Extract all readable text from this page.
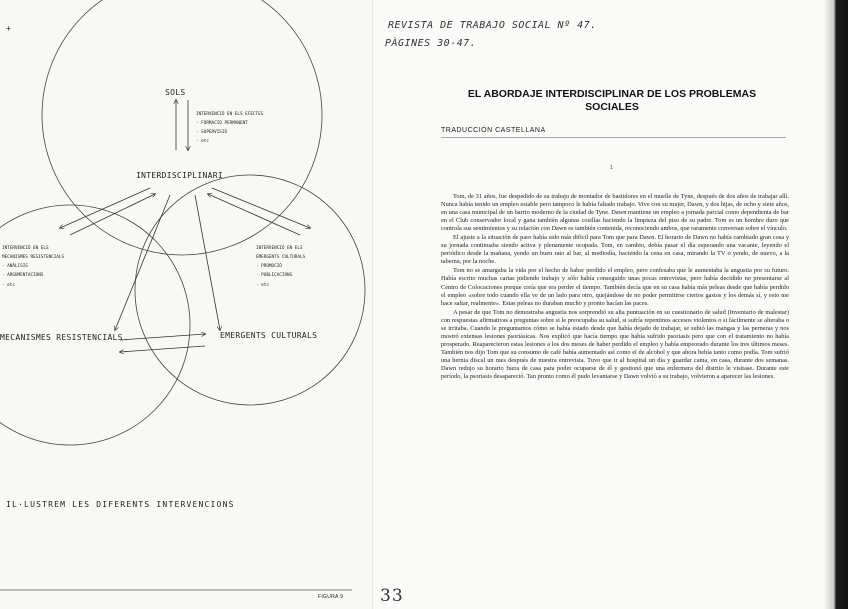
+
SOLS
INTERDISCIPLINARI
MECANISMES RESISTENCIALS	EMERGENTS CULTURALS
INTERVENCIÓ EN ELS EFECTES
· FORMACIÓ PERMANENT
· SUPERVISIÓ
· etc
INTERVENCIÓ EN ELS
MECANISMES RESISTENCIALS
· ANÀLISIS
· ARGUMENTACIONS
· etc
INTERVENCIÓ EN ELS
EMERGENTS CULTURALS
· PROMOCIÓ
· PUBLICACIONS
· etc
IL·LUSTREM LES DIFERENTS INTERVENCIONS
FIGURA 9 33
REVISTA DE TRABAJO SOCIAL Nº 47.
PÀGINES 30-47.
EL ABORDAJE INTERDISCIPLINAR DE LOS PROBLEMAS SOCIALES
TRADUCCIÓN CASTELLANA
1

Tom, de 31 años, fue despedido de su trabajo de montador de bastidores en el muelle de Tyne, después de dos años de trabajar allí. Nunca había tenido un empleo estable pero tampoco le había faltado trabajo. Vive con su mujer, Dawn, y dos hijas, de ocho y siete años, en una casa municipal de un barrio moderno de la ciudad de Tyne. Dawn mantiene un empleo a jornada parcial como dependienta de bar en el Club conservador local y gana también algunas cosillas haciendo la limpieza del piso de su padre. Tom es un hombre duro que controla sus sentimientos y su relación con Dawn es también contenida, reconociendo ambos, que raramente conversan sobre el vínculo.

El ajuste a la situación de paro había sido más difícil para Tom que para Dawn. El horario de Dawn no había cambiado gran cosa y su jornada continuaba siendo activa y plenamente ocupada. Tom, en cambio, debía pasar el día esperando una vacante, leyendo el periódico desde la mañana, yendo un buen rato al bar, al mediodía, haciendo la cena en casa, mirando la TV o yendo, de nuevo, a la taberna, por la noche.

Tom no se amargaba la vida por el hecho de haber perdido el empleo, pero confesaba que le aumentaba la angustia por su futuro. Había escrito muchas cartas pidiendo trabajo y sólo había conseguido unas pocas entrevistas, pero había decidido no presentarse al Centro de Colocaciones porque creía que era perder el tiempo. También decía que en su casa había más peleas desde que había perdido el empleo «sobre todo cuando ella ve de un lado para otro, quejándose de no poder permitirse ciertos gastos y los demás sí, y esto me hace saltar, realmente». Estas peleas no duraban mucho y pronto hacían las paces.

A pesar de que Tom no demostraba angustia nos sorprendió su alta puntuación en su cuestionario de salud (Inventario de malestar) con respuestas afirmativas a preguntas sobre si le preocupaba su salud, si sufría repentinos accesos violentos o si fácilmente se alteraba o se irritaba. Cuando le preguntamos cómo se había estado desde que había dejado de trabajar, se subió las mangas y las perneras y nos mostró extensas lesiones psoriásicas. Nos explicó que hacía tiempo que había sufrido psoriasis pero que con el tratamiento no había prosperado. Reaparecieron estas lesiones a los dos meses de haber perdido el empleo y había empeorado durante los tres últimos meses. También nos dijo Tom que su consumo de café había aumentado así como el de alcohol y que ahora bebía tanto como podía. Tom sufrió una hernia discal un mes después de nuestra entrevista. Tuvo que ir al hospital un día y guardar cama, en casa, durante dos semanas. Dawn redujo su horario fuera de casa para poder ocuparse de él y gestionó que una enfermera del distrito le visitase. Durante este período, la psoriasis desapareció. Tan pronto como él pudo levantarse y Dawn volvió a su trabajo, volvieron a aparecer las lesiones.
